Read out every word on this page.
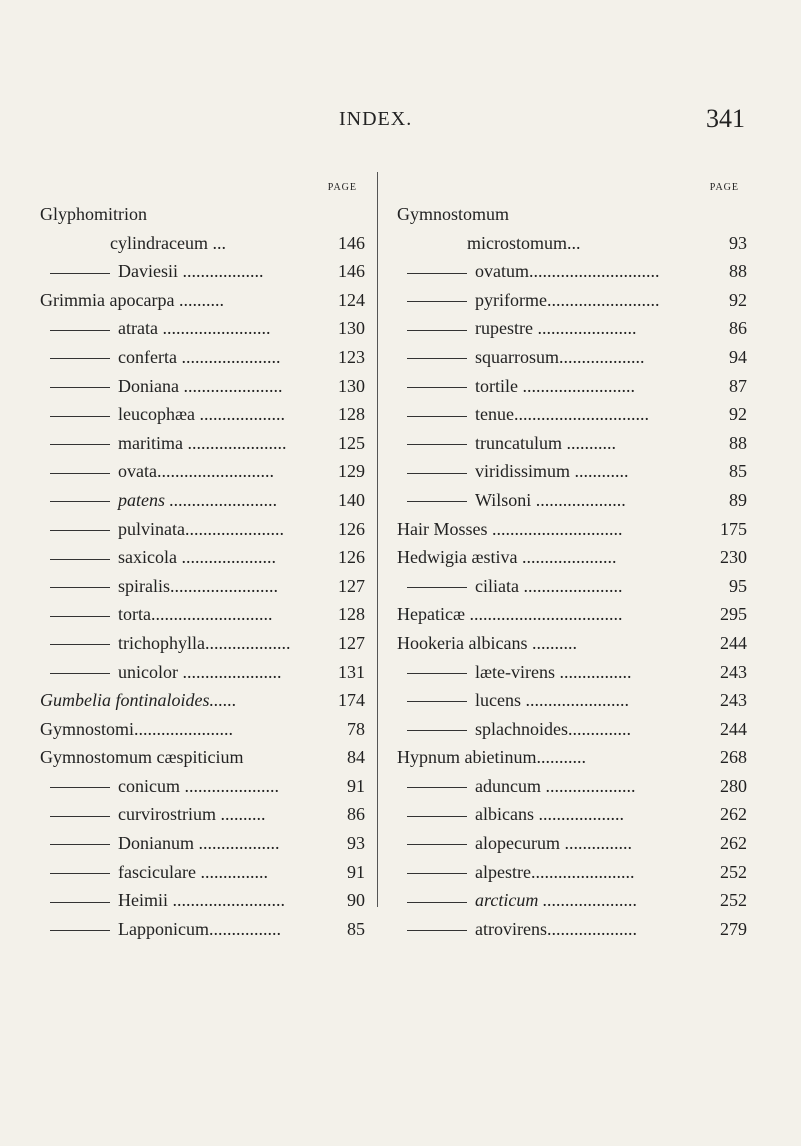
INDEX.	341
PAGE
Glyphomitrion
cylindraceum ...	146
Daviesii ..................	146
Grimmia apocarpa ..........	124
atrata ........................	130
conferta ......................	123
Doniana ......................	130
leucophæa ...................	128
maritima ......................	125
ovata..........................	129
patens ........................	140
pulvinata......................	126
saxicola .....................	126
spiralis........................	127
torta...........................	128
trichophylla...................	127
unicolor ......................	131
Gumbelia fontinaloides......	174
Gymnostomi......................	78
Gymnostomum cæspiticium	84
conicum .....................	91
curvirostrium ..........	86
Donianum ..................	93
fasciculare ...............	91
Heimii .........................	90
Lapponicum................	85
PAGE
Gymnostomum
microstomum...	93
ovatum.............................	88
pyriforme.........................	92
rupestre ......................	86
squarrosum...................	94
tortile .........................	87
tenue..............................	92
truncatulum ...........	88
viridissimum ............	85
Wilsoni ....................	89
Hair Mosses .............................	175
Hedwigia æstiva .....................	230
ciliata ......................	95
Hepaticæ ..................................	295
Hookeria albicans ..........	244
læte-virens ................	243
lucens .......................	243
splachnoides..............	244
Hypnum abietinum...........	268
aduncum ....................	280
albicans ...................	262
alopecurum ...............	262
alpestre.......................	252
arcticum .....................	252
atrovirens....................	279
